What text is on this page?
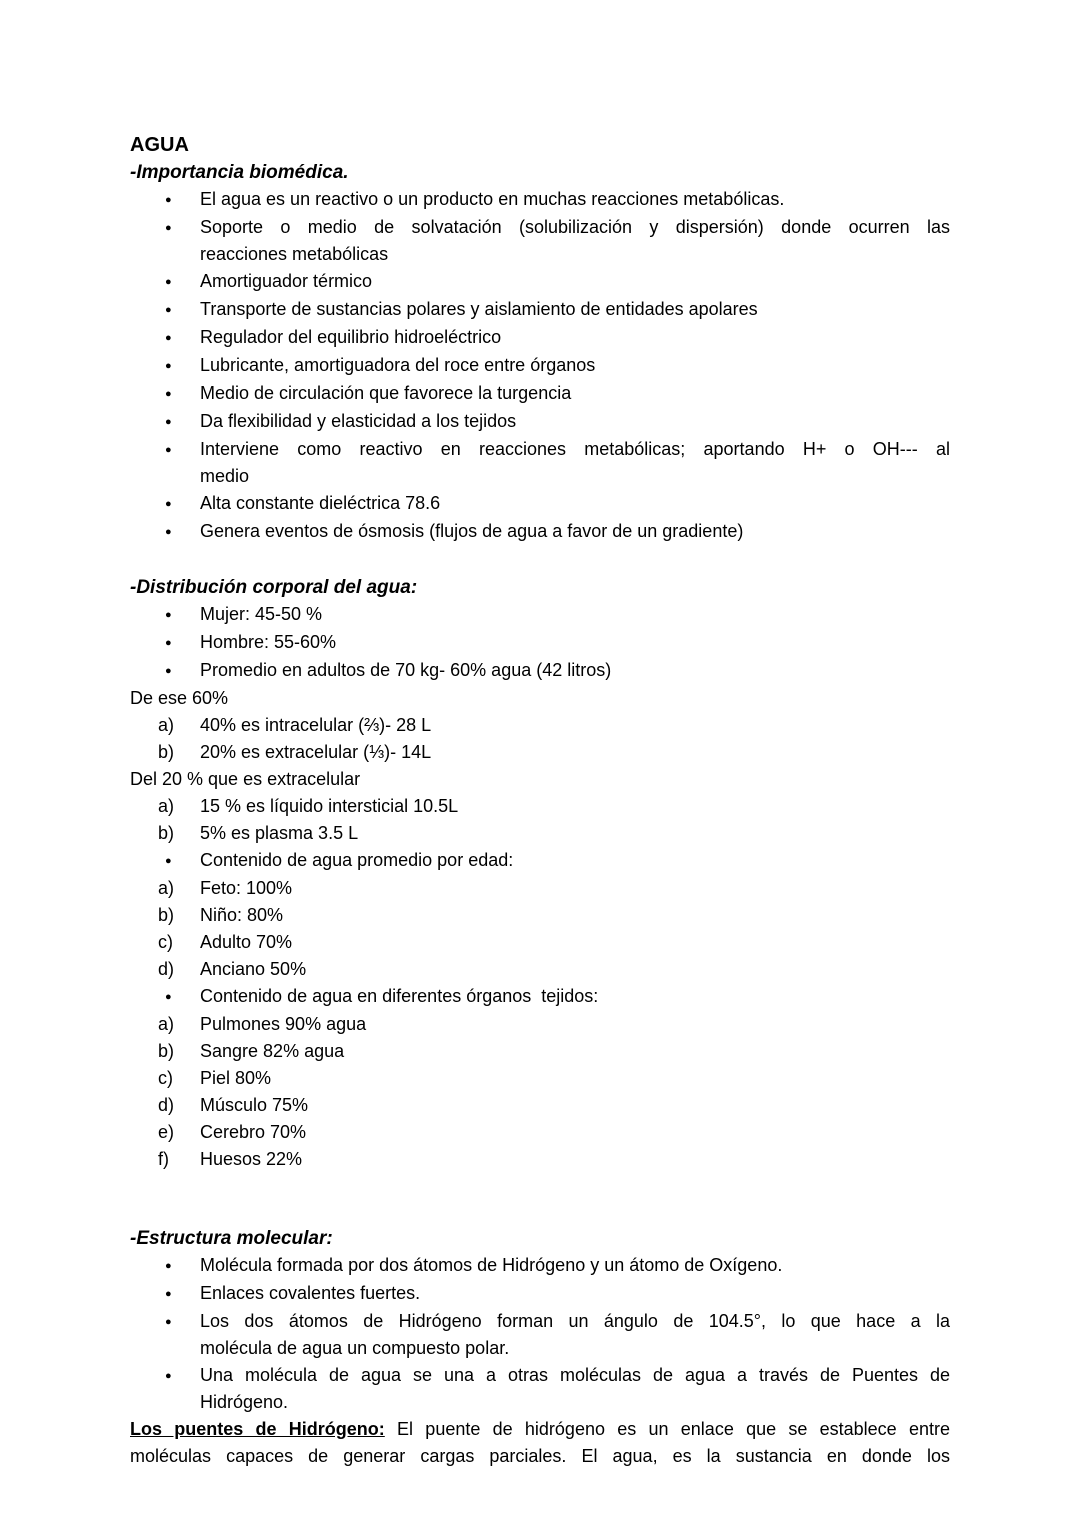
AGUA
-Importancia biomédica.
●	El agua es un reactivo o un producto en muchas reacciones metabólicas.
●	Soporte o medio de solvatación (solubilización y dispersión) donde ocurren las
reacciones metabólicas
●	Amortiguador térmico
●	Transporte de sustancias polares y aislamiento de entidades apolares
●	Regulador del equilibrio hidroeléctrico
●	Lubricante, amortiguadora del roce entre órganos
●	Medio de circulación que favorece la turgencia
●	Da flexibilidad y elasticidad a los tejidos
●	Interviene como reactivo en reacciones metabólicas; aportando H+ o OH--- al
medio
●	Alta constante dieléctrica 78.6
●	Genera eventos de ósmosis (flujos de agua a favor de un gradiente)
-Distribución corporal del agua:
●	Mujer: 45-50 %
●	Hombre: 55-60%
●	Promedio en adultos de 70 kg- 60% agua (42 litros)
De ese 60%
a)	40% es intracelular (⅔)- 28 L
b)	20% es extracelular (⅓)- 14L
Del 20 % que es extracelular
a)	15 % es líquido intersticial 10.5L
b)	5% es plasma 3.5 L
●	Contenido de agua promedio por edad:
a)	Feto: 100%
b)	Niño: 80%
c)	Adulto 70%
d)	Anciano 50%
●	Contenido de agua en diferentes órganos  tejidos:
a)	Pulmones 90% agua
b)	Sangre 82% agua
c)	Piel 80%
d)	Músculo 75%
e)	Cerebro 70%
f)	Huesos 22%
-Estructura molecular:
●	Molécula formada por dos átomos de Hidrógeno y un átomo de Oxígeno.
●	Enlaces covalentes fuertes.
●	Los dos átomos de Hidrógeno forman un ángulo de 104.5°, lo que hace a la
molécula de agua un compuesto polar.
●	Una molécula de agua se una a otras moléculas de agua a través de Puentes de
Hidrógeno.
Los puentes de Hidrógeno: El puente de hidrógeno es un enlace que se establece entre
moléculas capaces de generar cargas parciales. El agua, es la sustancia en donde los
